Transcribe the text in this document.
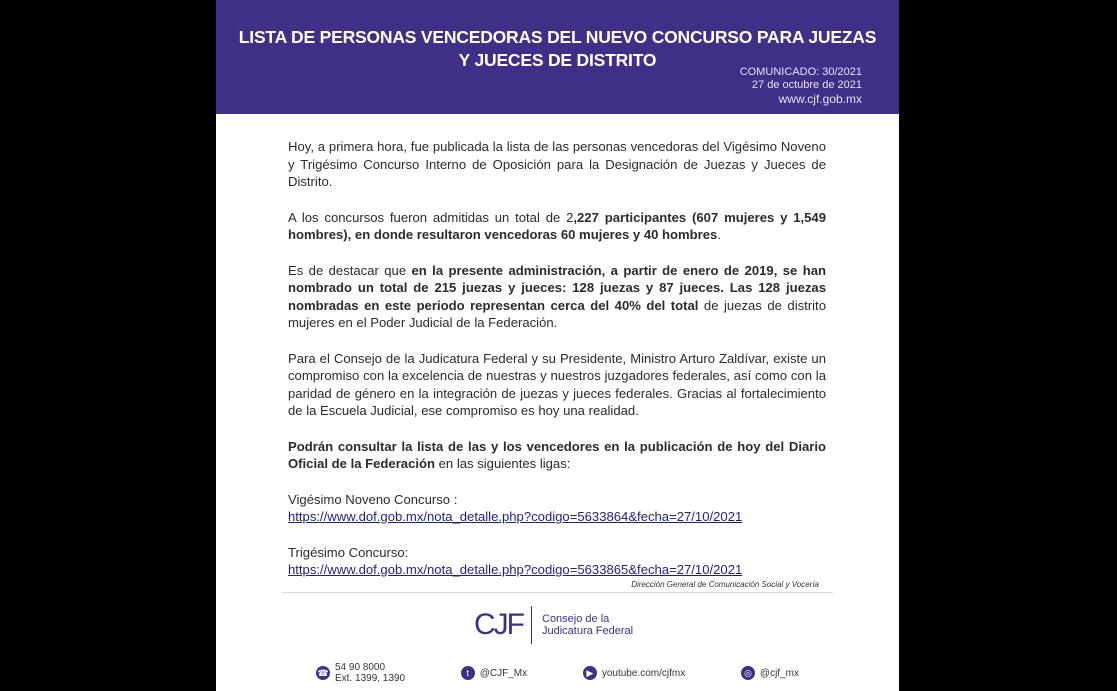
LISTA DE PERSONAS VENCEDORAS DEL NUEVO CONCURSO PARA JUEZAS
Y JUECES DE DISTRITO
COMUNICADO: 30/2021
27 de octubre de 2021
www.cjf.gob.mx

Hoy, a primera hora, fue publicada la lista de las personas vencedoras del Vigésimo Noveno y Trigésimo Concurso Interno de Oposición para la Designación de Juezas y Jueces de Distrito.

A los concursos fueron admitidas un total de 2,227 participantes (607 mujeres y 1,549 hombres), en donde resultaron vencedoras 60 mujeres y 40 hombres.

Es de destacar que en la presente administración, a partir de enero de 2019, se han nombrado un total de 215 juezas y jueces: 128 juezas y 87 jueces. Las 128 juezas nombradas en este periodo representan cerca del 40% del total de juezas de distrito mujeres en el Poder Judicial de la Federación.

Para el Consejo de la Judicatura Federal y su Presidente, Ministro Arturo Zaldívar, existe un compromiso con la excelencia de nuestras y nuestros juzgadores federales, así como con la paridad de género en la integración de juezas y jueces federales. Gracias al fortalecimiento de la Escuela Judicial, ese compromiso es hoy una realidad.

Podrán consultar la lista de las y los vencedores en la publicación de hoy del Diario Oficial de la Federación en las siguientes ligas:

Vigésimo Noveno Concurso :
https://www.dof.gob.mx/nota_detalle.php?codigo=5633864&fecha=27/10/2021

Trigésimo Concurso:
https://www.dof.gob.mx/nota_detalle.php?codigo=5633865&fecha=27/10/2021

Dirección General de Comunicación Social y Vocería
CJF Consejo de la
Judicatura Federal
☎ 54 90 8000
Ext. 1399, 1390	t	@CJF_Mx	▶ youtube.com/cjfmx	◎ @cjf_mx
